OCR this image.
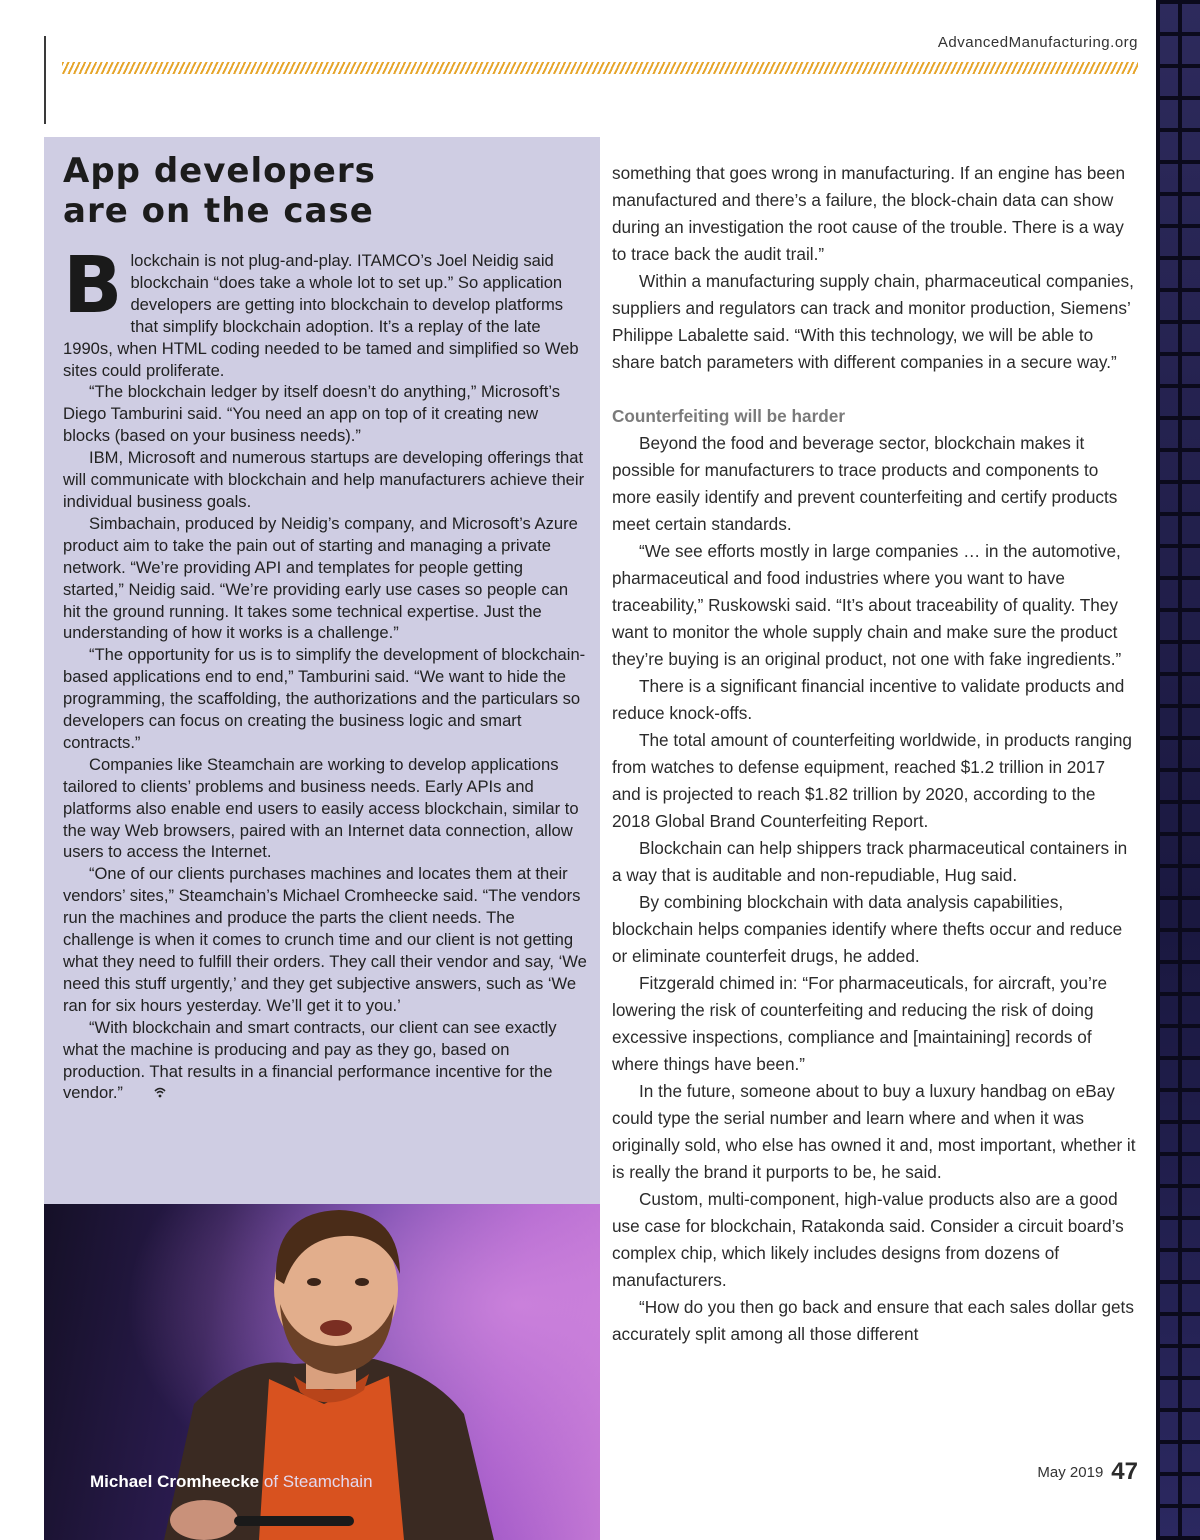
AdvancedManufacturing.org
App developers
are on the case

Blockchain is not plug-and-play. ITAMCO’s Joel Neidig said blockchain “does take a whole lot to set up.” So application developers are getting into blockchain to develop platforms that simplify blockchain adoption. It’s a replay of the late 1990s, when HTML coding needed to be tamed and simplified so Web sites could proliferate.

“The blockchain ledger by itself doesn’t do anything,” Microsoft’s Diego Tamburini said. “You need an app on top of it creating new blocks (based on your business needs).”

IBM, Microsoft and numerous startups are developing offerings that will communicate with blockchain and help manufacturers achieve their individual business goals.

Simbachain, produced by Neidig’s company, and Microsoft’s Azure product aim to take the pain out of starting and managing a private network. “We’re providing API and templates for people getting started,” Neidig said. “We’re providing early use cases so people can hit the ground running. It takes some technical expertise. Just the understanding of how it works is a challenge.”

“The opportunity for us is to simplify the development of blockchain-based applications end to end,” Tamburini said. “We want to hide the programming, the scaffolding, the authorizations and the particulars so developers can focus on creating the business logic and smart contracts.”

Companies like Steamchain are working to develop applications tailored to clients’ problems and business needs. Early APIs and platforms also enable end users to easily access blockchain, similar to the way Web browsers, paired with an Internet data connection, allow users to access the Internet.

“One of our clients purchases machines and locates them at their vendors’ sites,” Steamchain’s Michael Cromheecke said. “The vendors run the machines and produce the parts the client needs. The challenge is when it comes to crunch time and our client is not getting what they need to fulfill their orders. They call their vendor and say, ‘We need this stuff urgently,’ and they get subjective answers, such as ‘We ran for six hours yesterday. We’ll get it to you.’

“With blockchain and smart contracts, our client can see exactly what the machine is producing and pay as they go, based on production. That results in a financial performance incentive for the vendor.”

Michael Cromheecke of Steamchain

something that goes wrong in manufacturing. If an engine has been manufactured and there’s a failure, the block-chain data can show during an investigation the root cause of the trouble. There is a way to trace back the audit trail.”

Within a manufacturing supply chain, pharmaceutical companies, suppliers and regulators can track and monitor production, Siemens’ Philippe Labalette said. “With this technology, we will be able to share batch parameters with different companies in a secure way.”

Counterfeiting will be harder

Beyond the food and beverage sector, blockchain makes it possible for manufacturers to trace products and components to more easily identify and prevent counterfeiting and certify products meet certain standards.

“We see efforts mostly in large companies … in the automotive, pharmaceutical and food industries where you want to have traceability,” Ruskowski said. “It’s about traceability of quality. They want to monitor the whole supply chain and make sure the product they’re buying is an original product, not one with fake ingredients.”

There is a significant financial incentive to validate products and reduce knock-offs.

The total amount of counterfeiting worldwide, in products ranging from watches to defense equipment, reached $1.2 trillion in 2017 and is projected to reach $1.82 trillion by 2020, according to the 2018 Global Brand Counterfeiting Report.

Blockchain can help shippers track pharmaceutical containers in a way that is auditable and non-repudiable, Hug said.

By combining blockchain with data analysis capabilities, blockchain helps companies identify where thefts occur and reduce or eliminate counterfeit drugs, he added.

Fitzgerald chimed in: “For pharmaceuticals, for aircraft, you’re lowering the risk of counterfeiting and reducing the risk of doing excessive inspections, compliance and [maintaining] records of where things have been.”

In the future, someone about to buy a luxury handbag on eBay could type the serial number and learn where and when it was originally sold, who else has owned it and, most important, whether it is really the brand it purports to be, he said.

Custom, multi-component, high-value products also are a good use case for blockchain, Ratakonda said. Consider a circuit board’s complex chip, which likely includes designs from dozens of manufacturers.

“How do you then go back and ensure that each sales dollar gets accurately split among all those different

May 2019 47
